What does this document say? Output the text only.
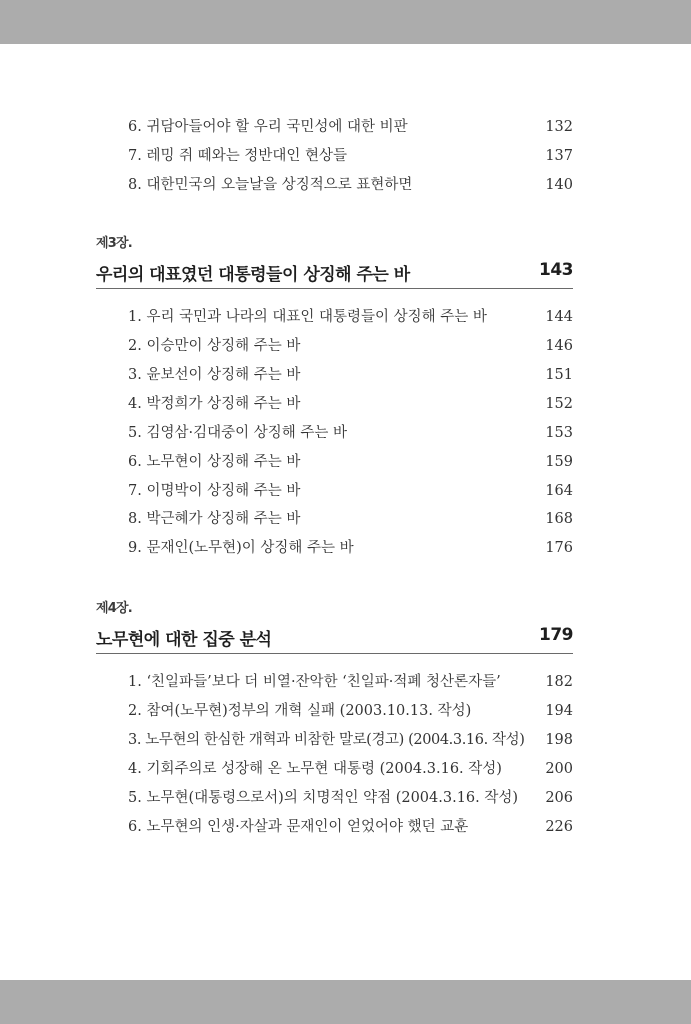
6. 귀담아들어야 할 우리 국민성에 대한 비판	132
7. 레밍 쥐 떼와는 정반대인 현상들	137
8. 대한민국의 오늘날을 상징적으로 표현하면	140
제3장.
우리의 대표였던 대통령들이 상징해 주는 바	143
1. 우리 국민과 나라의 대표인 대통령들이 상징해 주는 바	144
2. 이승만이 상징해 주는 바	146
3. 윤보선이 상징해 주는 바	151
4. 박정희가 상징해 주는 바	152
5. 김영삼·김대중이 상징해 주는 바	153
6. 노무현이 상징해 주는 바	159
7. 이명박이 상징해 주는 바	164
8. 박근혜가 상징해 주는 바	168
9. 문재인(노무현)이 상징해 주는 바	176
제4장.
노무현에 대한 집중 분석	179
1. ‘친일파들’보다 더 비열·잔악한 ‘친일파·적폐 청산론자들’	182
2. 참여(노무현)정부의 개혁 실패 (2003.10.13. 작성)	194
3. 노무현의 한심한 개혁과 비참한 말로(경고) (2004.3.16. 작성) 198
4. 기회주의로 성장해 온 노무현 대통령 (2004.3.16. 작성)	200
5. 노무현(대통령으로서)의 치명적인 약점 (2004.3.16. 작성) 206
6. 노무현의 인생·자살과 문재인이 얻었어야 했던 교훈	226
